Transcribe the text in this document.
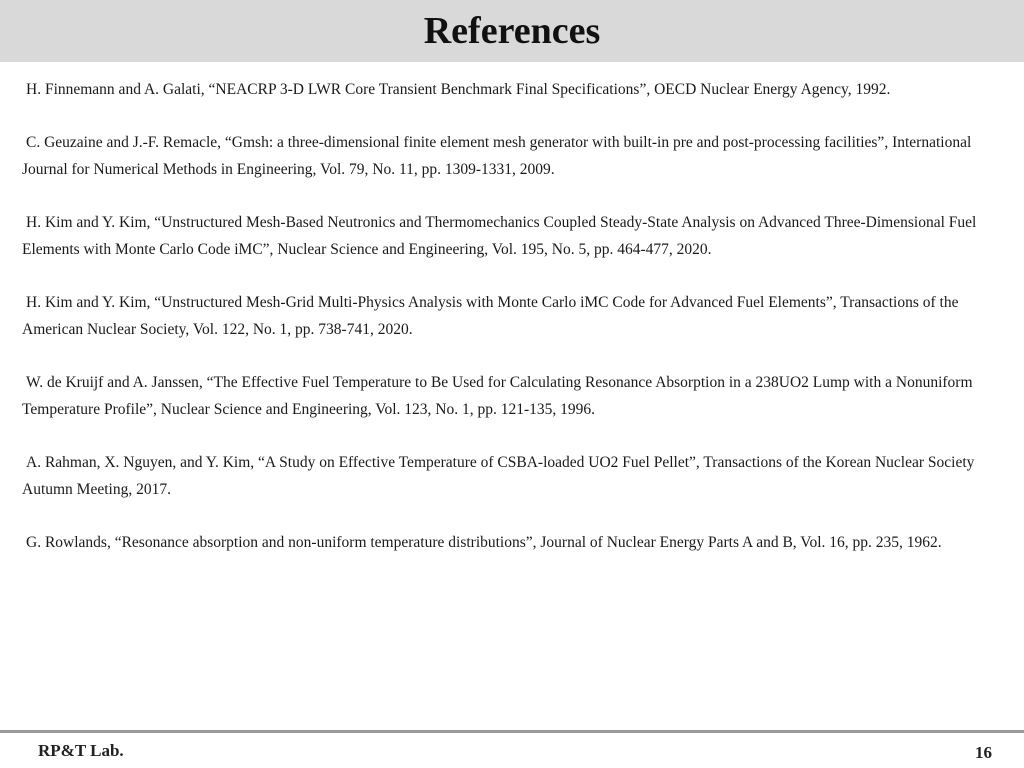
References

H. Finnemann and A. Galati, “NEACRP 3-D LWR Core Transient Benchmark Final Specifications”, OECD Nuclear Energy Agency, 1992.

C. Geuzaine and J.-F. Remacle, “Gmsh: a three-dimensional finite element mesh generator with built-in pre and post-processing facilities”, International Journal for Numerical Methods in Engineering, Vol. 79, No. 11, pp. 1309-1331, 2009.

H. Kim and Y. Kim, “Unstructured Mesh-Based Neutronics and Thermomechanics Coupled Steady-State Analysis on Advanced Three-Dimensional Fuel Elements with Monte Carlo Code iMC”, Nuclear Science and Engineering, Vol. 195, No. 5, pp. 464-477, 2020.

H. Kim and Y. Kim, “Unstructured Mesh-Grid Multi-Physics Analysis with Monte Carlo iMC Code for Advanced Fuel Elements”, Transactions of the American Nuclear Society, Vol. 122, No. 1, pp. 738-741, 2020.

W. de Kruijf and A. Janssen, “The Effective Fuel Temperature to Be Used for Calculating Resonance Absorption in a 238UO2 Lump with a Nonuniform Temperature Profile”, Nuclear Science and Engineering, Vol. 123, No. 1, pp. 121-135, 1996.

A. Rahman, X. Nguyen, and Y. Kim, “A Study on Effective Temperature of CSBA-loaded UO2 Fuel Pellet”, Transactions of the Korean Nuclear Society Autumn Meeting, 2017.

G. Rowlands, “Resonance absorption and non-uniform temperature distributions”, Journal of Nuclear Energy Parts A and B, Vol. 16, pp. 235, 1962.

RP&T Lab.	16
